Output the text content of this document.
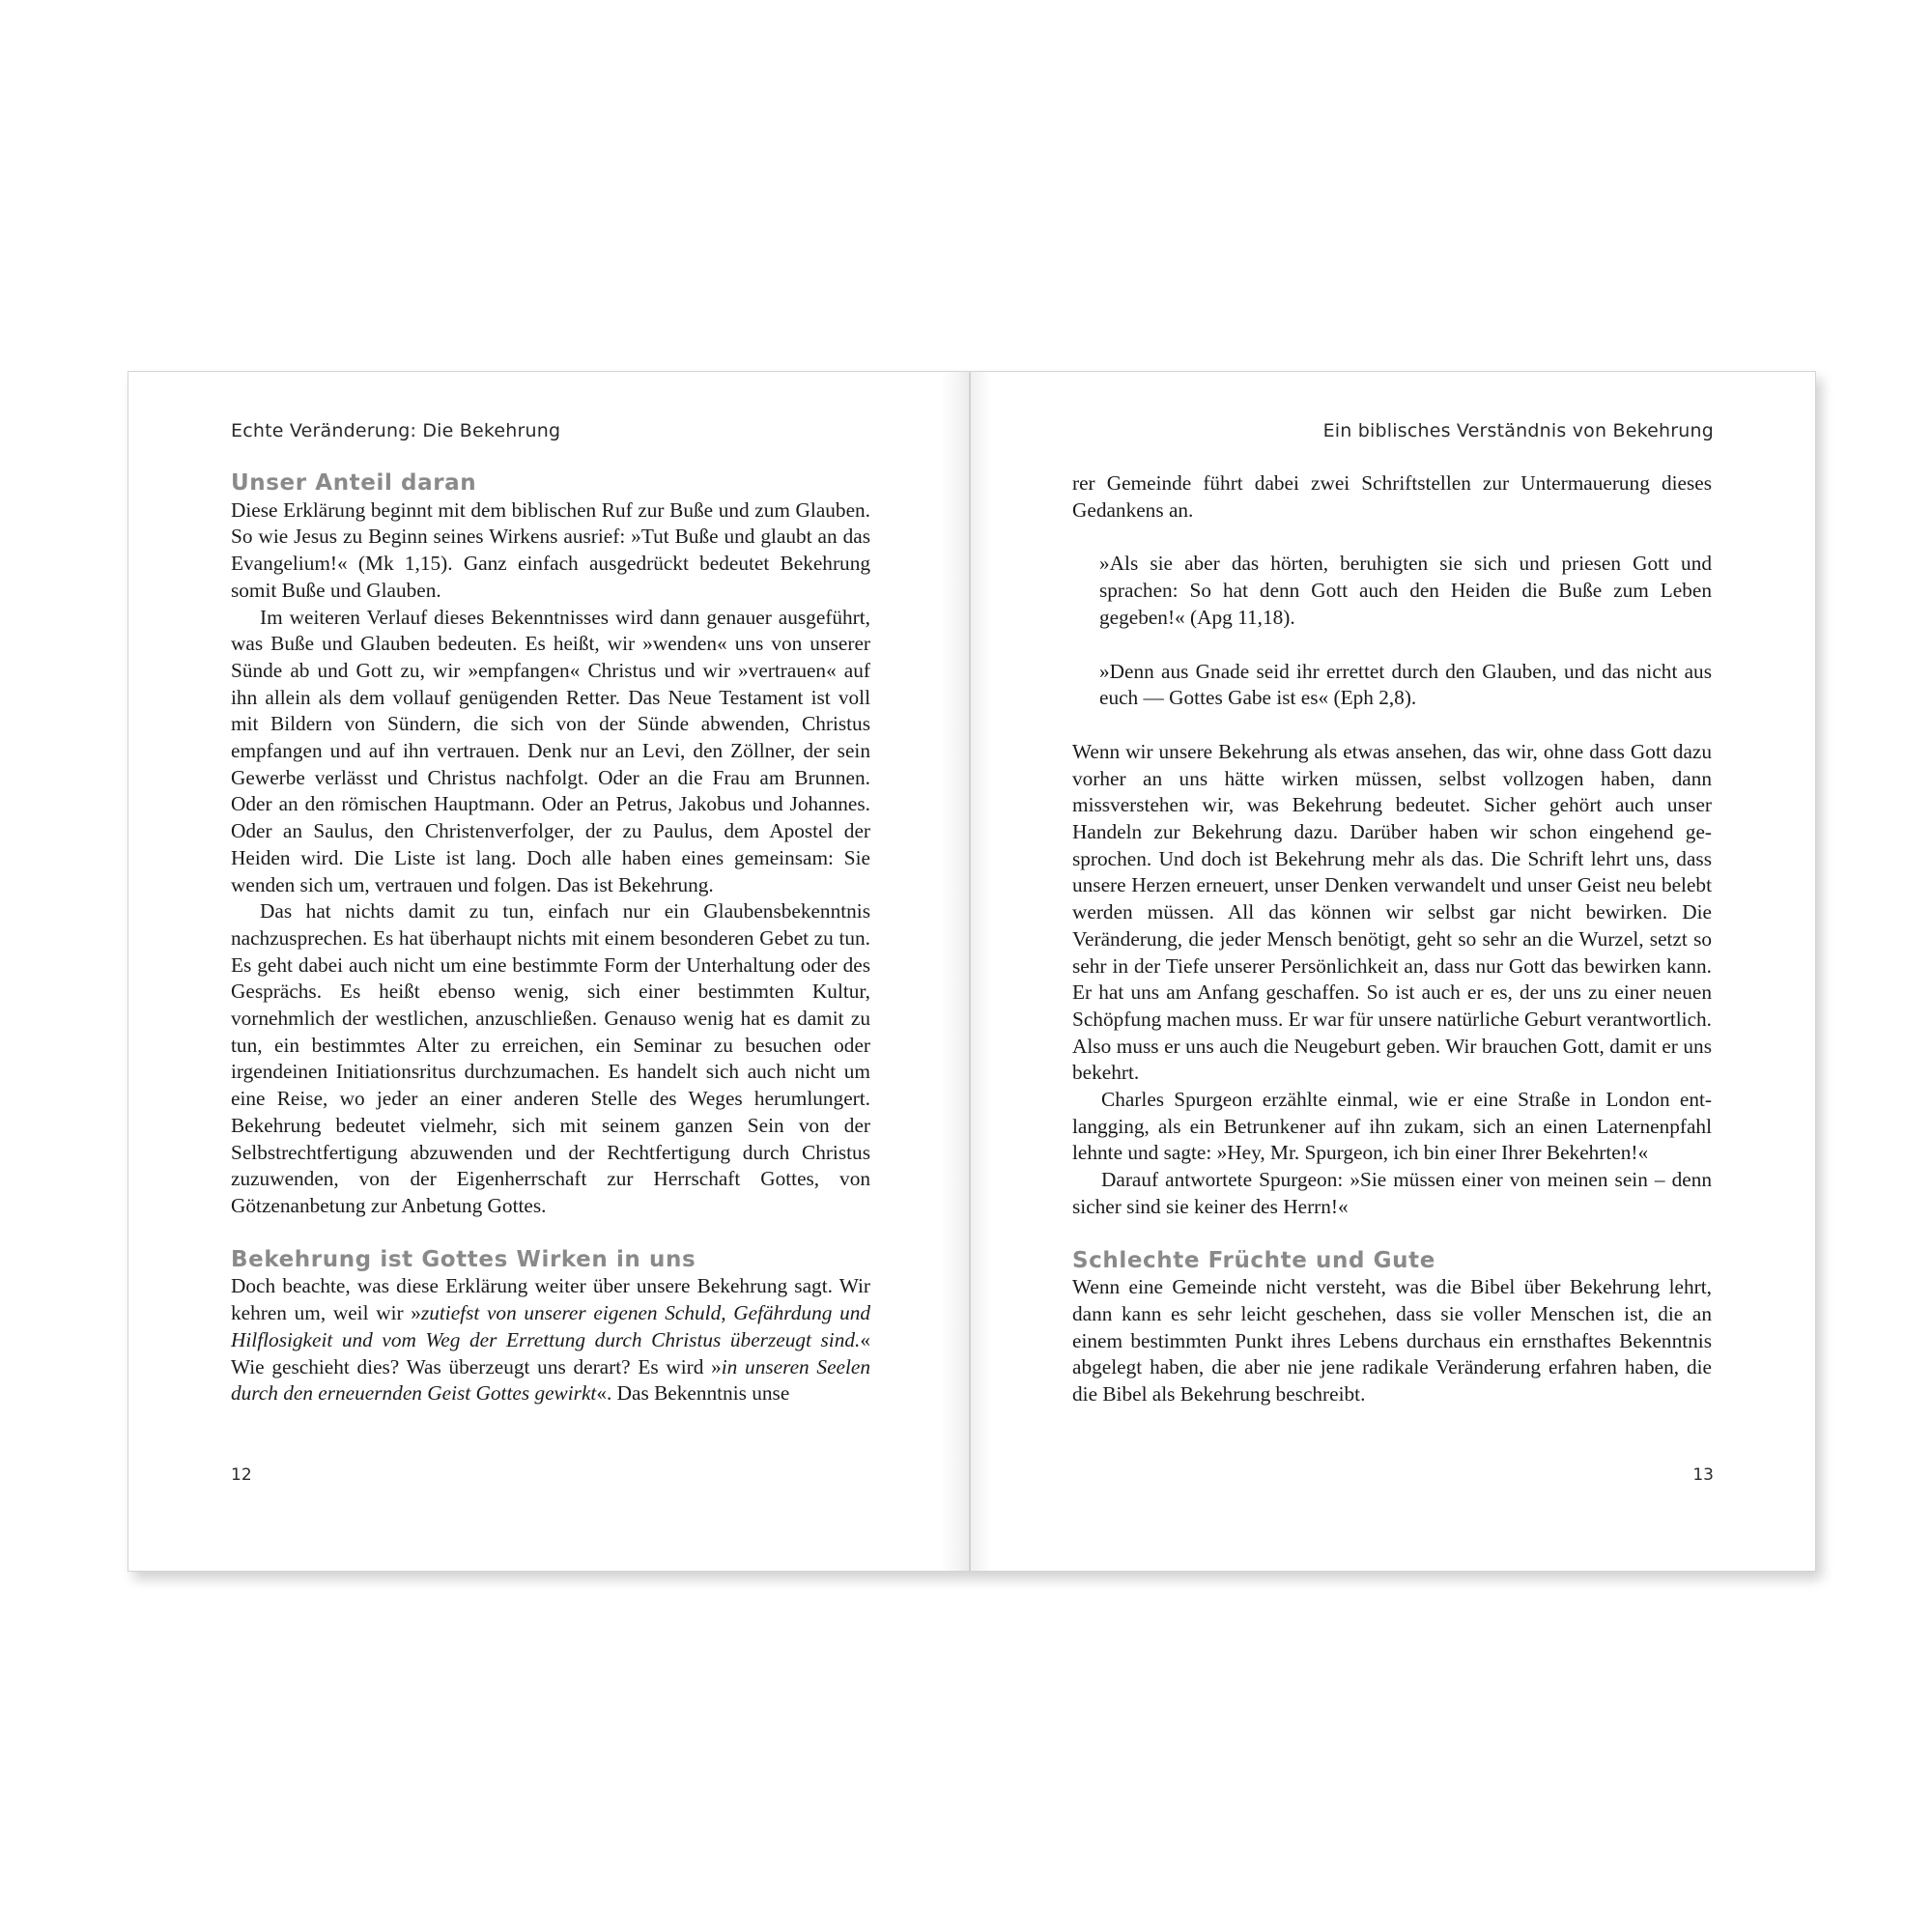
Echte Veränderung: Die Bekehrung
Unser Anteil daran

Diese Erklärung beginnt mit dem biblischen Ruf zur Buße und zum Glauben. So wie Jesus zu Beginn seines Wirkens ausrief: »Tut Buße und glaubt an das Evangelium!« (Mk 1,15). Ganz einfach ausgedrückt bedeutet Bekehrung somit Buße und Glauben.

Im weiteren Verlauf dieses Bekenntnisses wird dann genauer ausgeführt, was Buße und Glauben bedeuten. Es heißt, wir »wenden« uns von unserer Sünde ab und Gott zu, wir »empfangen« Christus und wir »vertrauen« auf ihn allein als dem vollauf genügenden Retter. Das Neue Testament ist voll mit Bildern von Sündern, die sich von der Sünde abwenden, Christus empfangen und auf ihn vertrauen. Denk nur an Levi, den Zöllner, der sein Gewerbe verlässt und Christus nachfolgt. Oder an die Frau am Brunnen. Oder an den römischen Hauptmann. Oder an Petrus, Jakobus und Johannes. Oder an Saulus, den Christenverfolger, der zu Paulus, dem Apostel der Heiden wird. Die Liste ist lang. Doch alle haben eines gemeinsam: Sie wenden sich um, vertrauen und folgen. Das ist Bekehrung.

Das hat nichts damit zu tun, einfach nur ein Glaubensbekenntnis nachzusprechen. Es hat überhaupt nichts mit einem besonderen Gebet zu tun. Es geht dabei auch nicht um eine bestimmte Form der Unterhaltung oder des Gesprächs. Es heißt ebenso wenig, sich einer bestimmten Kultur, vornehmlich der westlichen, anzuschließen. Genauso wenig hat es damit zu tun, ein bestimmtes Alter zu erreichen, ein Seminar zu besuchen oder irgendeinen Initiationsritus durchzumachen. Es handelt sich auch nicht um eine Reise, wo jeder an einer anderen Stelle des Weges herumlungert. Bekehrung bedeutet vielmehr, sich mit seinem ganzen Sein von der Selbstrechtfertigung abzuwenden und der Rechtfertigung durch Christus zuzuwenden, von der Eigenherrschaft zur Herrschaft Gottes, von Götzenanbetung zur Anbetung Gottes.

Bekehrung ist Gottes Wirken in uns

Doch beachte, was diese Erklärung weiter über unsere Bekehrung sagt. Wir kehren um, weil wir »zutiefst von unserer eigenen Schuld, Gefährdung und Hilflosigkeit und vom Weg der Errettung durch Christus überzeugt sind.« Wie geschieht dies? Was überzeugt uns derart? Es wird »in unseren Seelen durch den erneuernden Geist Gottes gewirkt«. Das Bekenntnis unse

12
Ein biblisches Verständnis von Bekehrung

rer Gemeinde führt dabei zwei Schriftstellen zur Untermauerung dieses Gedankens an.

»Als sie aber das hörten, beruhigten sie sich und priesen Gott und sprachen: So hat denn Gott auch den Heiden die Buße zum Leben gegeben!« (Apg 11,18).

»Denn aus Gnade seid ihr errettet durch den Glauben, und das nicht aus euch — Gottes Gabe ist es« (Eph 2,8).

Wenn wir unsere Bekehrung als etwas ansehen, das wir, ohne dass Gott dazu vorher an uns hätte wirken müssen, selbst vollzogen haben, dann missverstehen wir, was Bekehrung bedeutet. Sicher gehört auch unser Handeln zur Bekehrung dazu. Darüber haben wir schon eingehend gesprochen. Und doch ist Bekehrung mehr als das. Die Schrift lehrt uns, dass unsere Herzen erneuert, unser Denken verwandelt und unser Geist neu belebt werden müssen. All das können wir selbst gar nicht bewirken. Die Veränderung, die jeder Mensch benötigt, geht so sehr an die Wurzel, setzt so sehr in der Tiefe unserer Persönlichkeit an, dass nur Gott das bewirken kann. Er hat uns am Anfang geschaffen. So ist auch er es, der uns zu einer neuen Schöpfung machen muss. Er war für unsere natürliche Geburt verantwortlich. Also muss er uns auch die Neugeburt geben. Wir brauchen Gott, damit er uns bekehrt.

Charles Spurgeon erzählte einmal, wie er eine Straße in London entlangging, als ein Betrunkener auf ihn zukam, sich an einen Laternenpfahl lehnte und sagte: »Hey, Mr. Spurgeon, ich bin einer Ihrer Bekehrten!«

Darauf antwortete Spurgeon: »Sie müssen einer von meinen sein – denn sicher sind sie keiner des Herrn!«

Schlechte Früchte und Gute

Wenn eine Gemeinde nicht versteht, was die Bibel über Bekehrung lehrt, dann kann es sehr leicht geschehen, dass sie voller Menschen ist, die an einem bestimmten Punkt ihres Lebens durchaus ein ernsthaftes Bekenntnis abgelegt haben, die aber nie jene radikale Veränderung erfahren haben, die die Bibel als Bekehrung beschreibt.

13
